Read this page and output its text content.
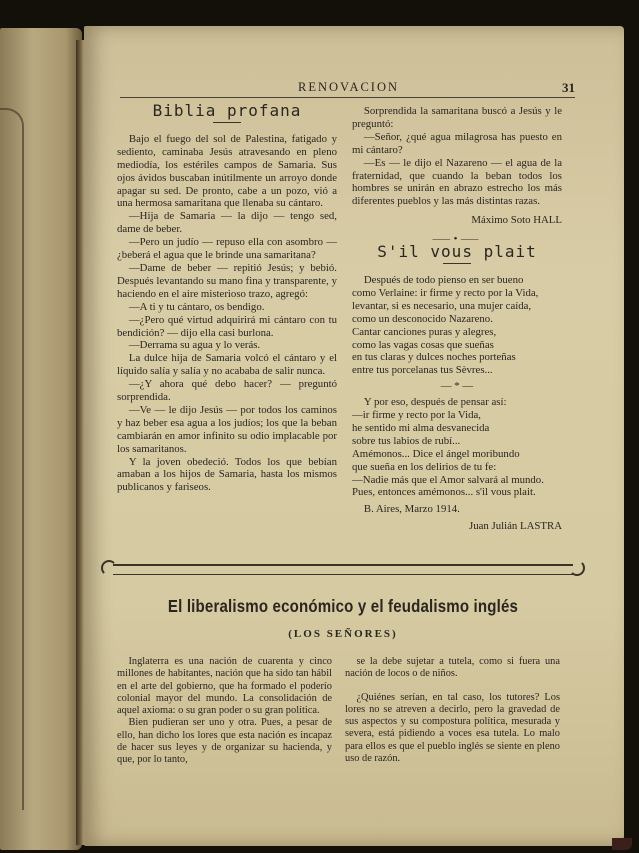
RENOVACION	31

Biblia profana

Bajo el fuego del sol de Palestina, fatigado y sediento, caminaba Jesús atravesando en pleno mediodía, los estériles campos de Samaria. Sus ojos ávidos buscaban inútilmente un arroyo donde apagar su sed. De pronto, cabe a un pozo, vió a una hermosa samaritana que llenaba su cántaro.

—Hija de Samaria — la dijo — tengo sed, dame de beber.

—Pero un judío — repuso ella con asombro — ¿beberá el agua que le brinde una samaritana?

—Dame de beber — repitió Jesús; y bebió. Después levantando su mano fina y transparente, y haciendo en el aire misterioso trazo, agregó:

—A ti y tu cántaro, os bendigo.

—¿Pero qué virtud adquirirá mi cántaro con tu bendición? — dijo ella casi burlona.

—Derrama su agua y lo verás.

La dulce hija de Samaria volcó el cántaro y el líquido salía y salía y no acababa de salir nunca.

—¿Y ahora qué debo hacer? — preguntó sorprendida.

—Ve — le dijo Jesús — por todos los caminos y haz beber esa agua a los judíos; los que la beban cambiarán en amor infinito su odio implacable por los samaritanos.

Y la joven obedeció. Todos los que bebían amaban a los hijos de Samaria, hasta los mismos publicanos y fariseos.

Sorprendida la samaritana buscó a Jesús y le preguntó:

—Señor, ¿qué agua milagrosa has puesto en mi cántaro?

—Es — le dijo el Nazareno — el agua de la fraternidad, que cuando la beban todos los hombres se unirán en abrazo estrecho los más diferentes pueblos y las más distintas razas.

Máximo Soto HALL

⸺•⸺

S'il vous plait

Después de todo pienso en ser bueno

como Verlaine: ir firme y recto por la Vida,

levantar, si es necesario, una mujer caída,

como un desconocido Nazareno.

Cantar canciones puras y alegres,

como las vagas cosas que sueñas

en tus claras y dulces noches porteñas

entre tus porcelanas tus Sèvres...

— * —

Y por eso, después de pensar así:

—ir firme y recto por la Vida,

he sentido mi alma desvanecida

sobre tus labios de rubí...

Amémonos... Dice el ángel moribundo

que sueña en los delirios de tu fe:

—Nadie más que el Amor salvará al mundo.

Pues, entonces amémonos... s'il vous plait.

B. Aires, Marzo 1914.

Juan Julián LASTRA

El liberalismo económico y el feudalismo inglés
(LOS SEÑORES)

Inglaterra es una nación de cuarenta y cinco millones de habitantes, nación que ha sido tan hábil en el arte del gobierno, que ha formado el poderío colonial mayor del mundo. La consolidación de aquel axioma: o su gran poder o su gran política.

Bien pudieran ser uno y otra. Pues, a pesar de ello, han dicho los lores que esta nación es incapaz de hacer sus leyes y de organizar su hacienda, y que, por lo tanto,

se la debe sujetar a tutela, como si fuera una nación de locos o de niños.

¿Quiénes serían, en tal caso, los tutores? Los lores no se atreven a decirlo, pero la gravedad de sus aspectos y su compostura política, mesurada y severa, está pidiendo a voces esa tutela. Lo malo para ellos es que el pueblo inglés se siente en pleno uso de razón.
